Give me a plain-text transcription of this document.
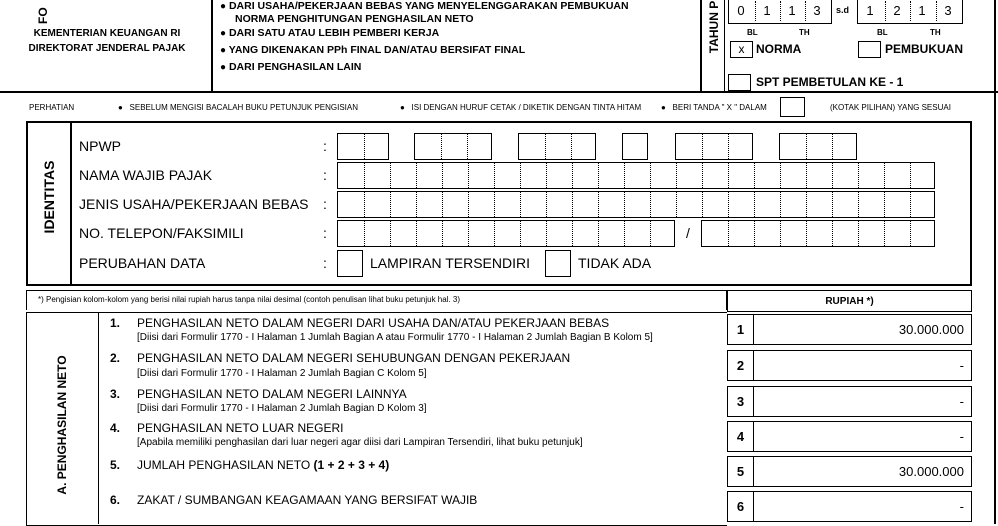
FO
KEMENTERIAN KEUANGAN RI
DIREKTORAT JENDERAL PAJAK
● DARI USAHA/PEKERJAAN BEBAS YANG MENYELENGGARAKAN PEMBUKUAN
NORMA PENGHITUNGAN PENGHASILAN NETO
● DARI SATU ATAU LEBIH PEMBERI KERJA
● YANG DIKENAKAN PPh FINAL DAN/ATAU BERSIFAT FINAL
● DARI PENGHASILAN LAIN
TAHUN P	0	1	1	3	s.d	1	2	1	3
BL	TH	BL	TH
x NORMA	PEMBUKUAN
SPT PEMBETULAN KE - 1
PERHATIAN	● SEBELUM MENGISI BACALAH BUKU PETUNJUK PENGISIAN	● ISI DENGAN HURUF CETAK / DIKETIK DENGAN TINTA HITAM ● BERI TANDA " X " DALAM	(KOTAK PILIHAN) YANG SESUAI
IDENTITAS
NPWP	:
NAMA WAJIB PAJAK	:
JENIS USAHA/PEKERJAAN BEBAS :
NO. TELEPON/FAKSIMILI	:	/
PERUBAHAN DATA	:	LAMPIRAN TERSENDIRI	TIDAK ADA
*) Pengisian kolom-kolom yang berisi nilai rupiah harus tanpa nilai desimal (contoh penulisan lihat buku petunjuk hal. 3)	RUPIAH *)
A. PENGHASILAN NETO
1. PENGHASILAN NETO DALAM NEGERI DARI USAHA DAN/ATAU PEKERJAAN BEBAS
[Diisi dari Formulir 1770 - I Halaman 1 Jumlah Bagian A atau Formulir 1770 - I Halaman 2 Jumlah Bagian B Kolom 5]
1	30.000.000
2. PENGHASILAN NETO DALAM NEGERI SEHUBUNGAN DENGAN PEKERJAAN
[Diisi dari Formulir 1770 - I Halaman 2 Jumlah Bagian C Kolom 5]
2	-
3. PENGHASILAN NETO DALAM NEGERI LAINNYA
[Diisi dari Formulir 1770 - I Halaman 2 Jumlah Bagian D Kolom 3]	3	-
4. PENGHASILAN NETO LUAR NEGERI
[Apabila memiliki penghasilan dari luar negeri agar diisi dari Lampiran Tersendiri, lihat buku petunjuk]	4	-
5. JUMLAH PENGHASILAN NETO (1 + 2 + 3 + 4)	5	30.000.000
6. ZAKAT / SUMBANGAN KEAGAMAAN YANG BERSIFAT WAJIB	6	-
